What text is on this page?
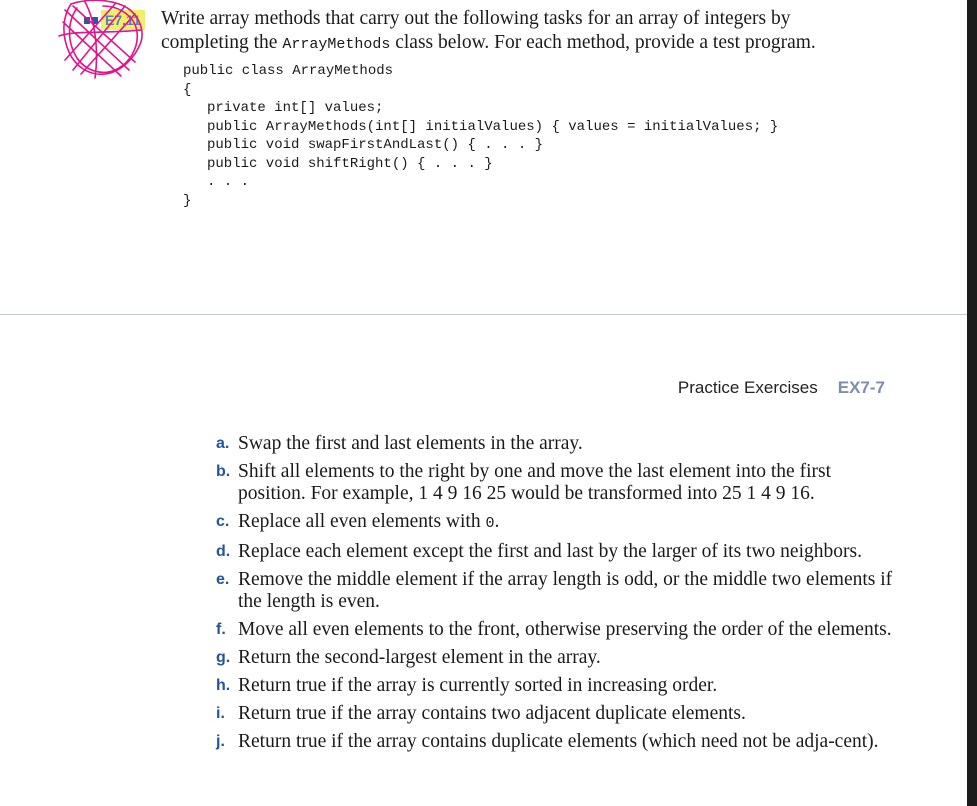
E7.11 Write array methods that carry out the following tasks for an array of integers by completing the ArrayMethods class below. For each method, provide a test program.
public class ArrayMethods
{
private int[] values;
public ArrayMethods(int[] initialValues) { values = initialValues; }
public void swapFirstAndLast() { . . . }
public void shiftRight() { . . . }
. . .
}
Practice Exercises EX7-7
a. Swap the first and last elements in the array.
b. Shift all elements to the right by one and move the last element into the first position. For example, 1 4 9 16 25 would be transformed into 25 1 4 9 16.
c. Replace all even elements with 0.
d. Replace each element except the first and last by the larger of its two neighbors.
e. Remove the middle element if the array length is odd, or the middle two elements if the length is even.
f. Move all even elements to the front, otherwise preserving the order of the elements.
g. Return the second-largest element in the array.
h. Return true if the array is currently sorted in increasing order.
i. Return true if the array contains two adjacent duplicate elements.
j. Return true if the array contains duplicate elements (which need not be adja-cent).
